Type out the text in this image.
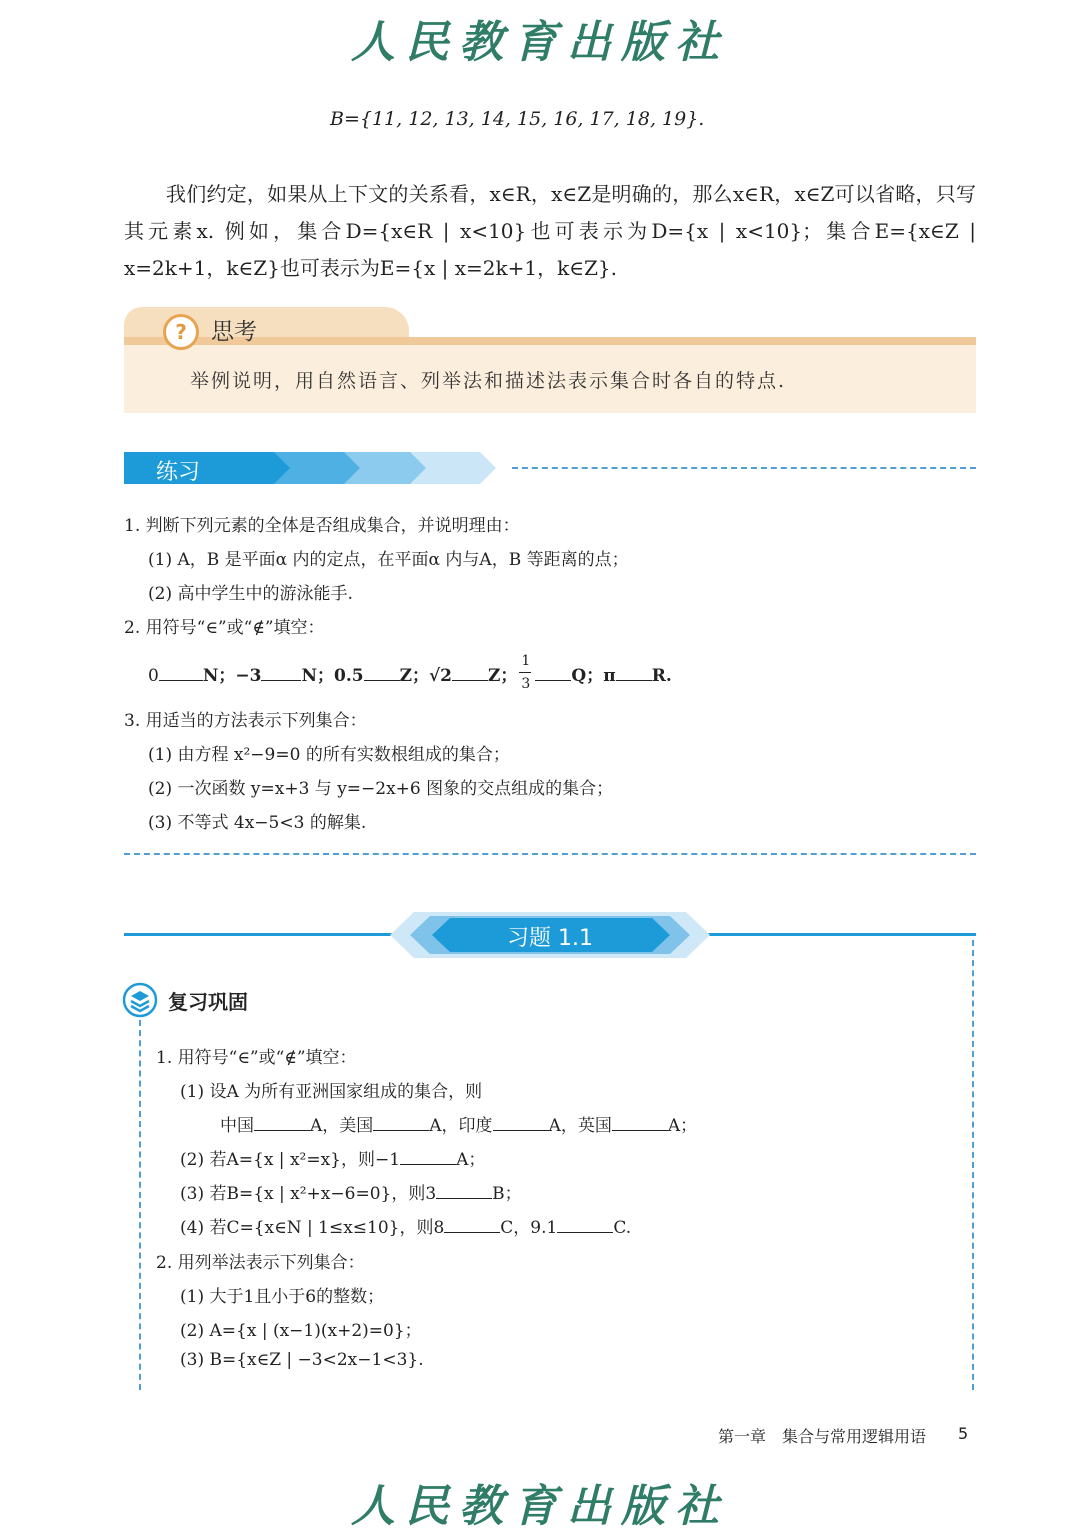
人民教育出版社
B={11, 12, 13, 14, 15, 16, 17, 18, 19}.
我们约定，如果从上下文的关系看，x∈R，x∈Z是明确的，那么x∈R，x∈Z可以省略，只写其元素x. 例如，集合D={x∈R | x<10}也可表示为D={x | x<10}；集合E={x∈Z | x=2k+1，k∈Z}也可表示为E={x | x=2k+1，k∈Z}.
?	思考
举例说明，用自然语言、列举法和描述法表示集合时各自的特点.
练习
1. 判断下列元素的全体是否组成集合，并说明理由：
(1) A，B 是平面α 内的定点，在平面α 内与A，B 等距离的点；
(2) 高中学生中的游泳能手.
2. 用符号“∈”或“∉”填空：
0	N；−3 N；0.5 Z；√2 Z； $\frac{1}{3}$ Q；π R.
3. 用适当的方法表示下列集合：
(1) 由方程 x²−9=0 的所有实数根组成的集合；
(2) 一次函数 y=x+3 与 y=−2x+6 图象的交点组成的集合；
(3) 不等式 4x−5<3 的解集.
习题 1.1
复习巩固
1. 用符号“∈”或“∉”填空：
(1) 设A 为所有亚洲国家组成的集合，则
中国	A，美国	A，印度	A，英国	A；
(2) 若A={x | x²=x}，则−1	A；
(3) 若B={x | x²+x−6=0}，则3	B；
(4) 若C={x∈N | 1≤x≤10}，则8	C，9.1	C.
2. 用列举法表示下列集合：
(1) 大于1且小于6的整数；
(2) A={x | (x−1)(x+2)=0}；
(3) B={x∈Z | −3<2x−1<3}.
第一章　集合与常用逻辑用语 5
人民教育出版社
